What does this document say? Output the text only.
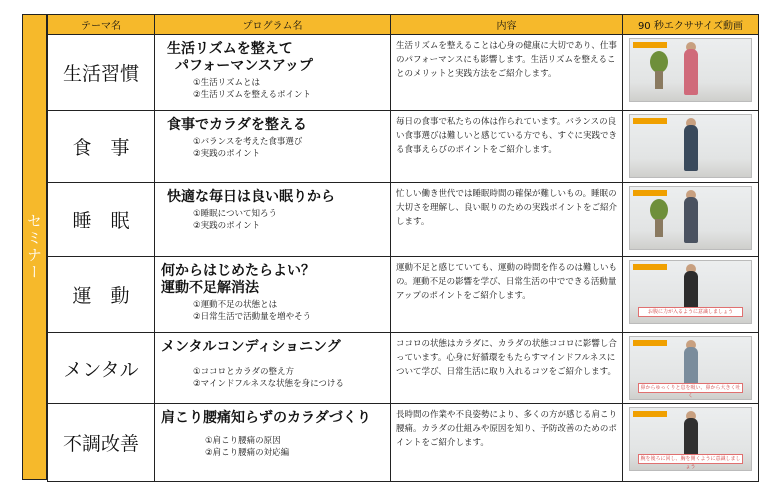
セミナー
テーマ名	プログラム名	内容	90 秒エクササイズ動画
生活習慣	生活リズムを整えて
パフォーマンスアップ
①生活リズムとは
②生活リズムを整えるポイント	生活リズムを整えることは心身の健康に大切であり、仕事のパフォーマンスにも影響します。生活リズムを整えることのメリットと実践方法をご紹介します。	

食　事	食事でカラダを整える
①バランスを考えた食事選び
②実践のポイント	毎日の食事で私たちの体は作られています。バランスの良い食事選びは難しいと感じている方でも、すぐに実践できる食事えらびのポイントをご紹介します。	

睡　眠	快適な毎日は良い眠りから
①睡眠について知ろう
②実践のポイント	忙しい働き世代では睡眠時間の確保が難しいもの。睡眠の大切さを理解し、良い眠りのための実践ポイントをご紹介します。	

運　動	何からはじめたらよい？
運動不足解消法
①運動不足の状態とは
②日常生活で活動量を増やそう	運動不足と感じていても、運動の時間を作るのは難しいもの。運動不足の影響を学び、日常生活の中でできる活動量アップのポイントをご紹介します。	お腹に力が入るように意識しましょう

メンタル	メンタルコンディショニング
①ココロとカラダの整え方
②マインドフルネスな状態を身につける	ココロの状態はカラダに、カラダの状態ココロに影響し合っています。心身に好循環をもたらすマインドフルネスについて学び、日常生活に取り入れるコツをご紹介します。	鼻からゆっくりと息を吸い、鼻から大きく吐く

不調改善	肩こり腰痛知らずのカラダづくり
①肩こり腰痛の原因
②肩こり腰痛の対応編	長時間の作業や不良姿勢により、多くの方が感じる肩こり腰痛。カラダの仕組みや原因を知り、予防改善のためのポイントをご紹介します。	腕を後ろに回し、胸を開くように意識しましょう
